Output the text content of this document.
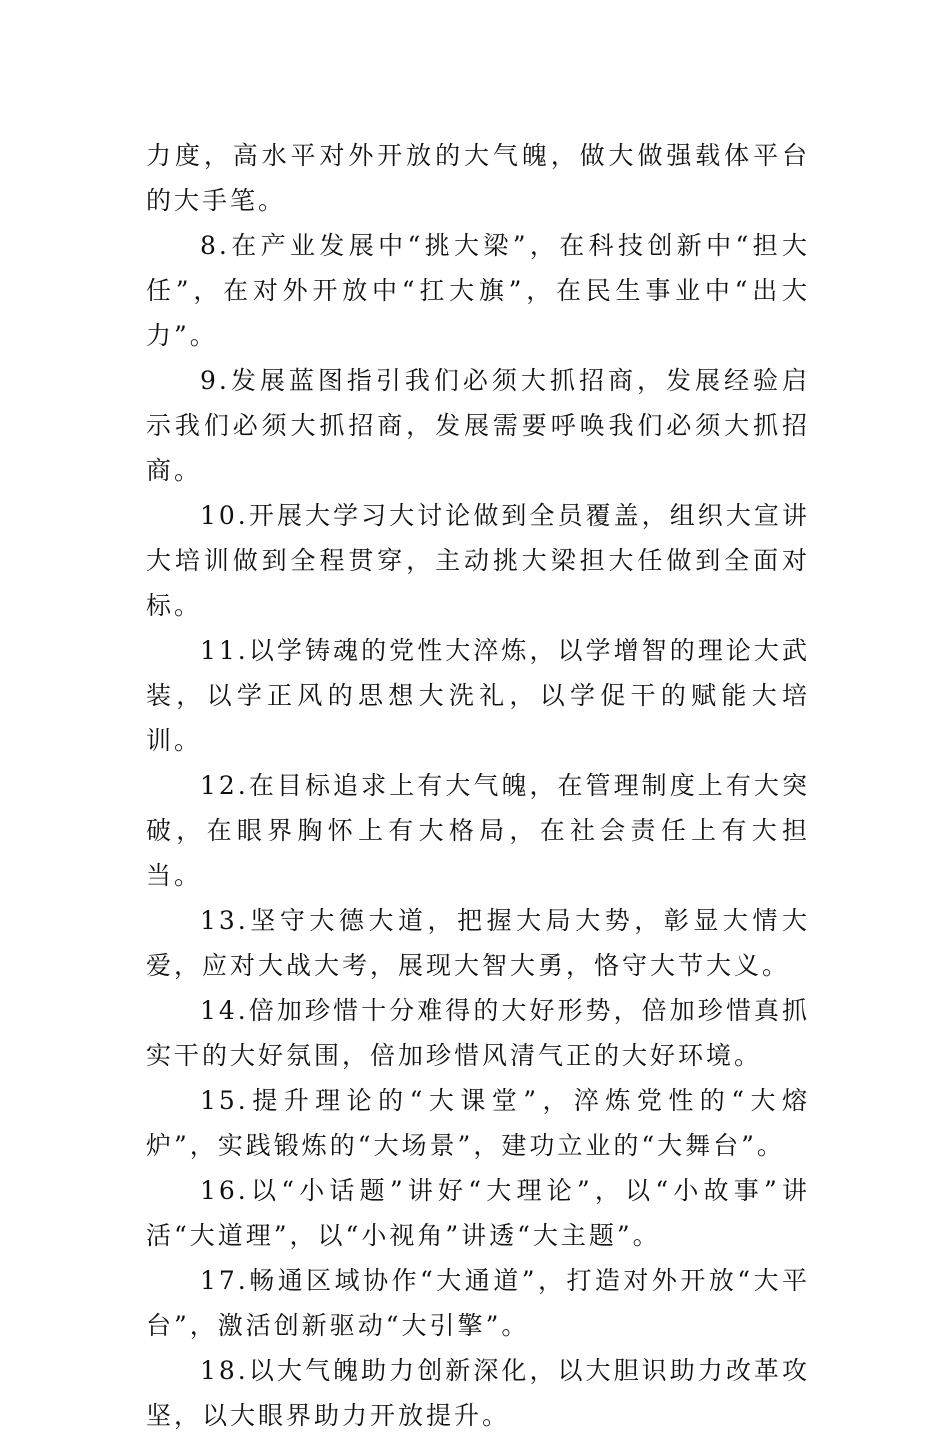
力度，高水平对外开放的大气魄，做大做强载体平台的大手笔。

8.在产业发展中“挑大梁”，在科技创新中“担大任”，在对外开放中“扛大旗”，在民生事业中“出大力”。

9.发展蓝图指引我们必须大抓招商，发展经验启示我们必须大抓招商，发展需要呼唤我们必须大抓招商。

10.开展大学习大讨论做到全员覆盖，组织大宣讲大培训做到全程贯穿，主动挑大梁担大任做到全面对标。

11.以学铸魂的党性大淬炼，以学增智的理论大武装，以学正风的思想大洗礼，以学促干的赋能大培训。

12.在目标追求上有大气魄，在管理制度上有大突破，在眼界胸怀上有大格局，在社会责任上有大担当。

13.坚守大德大道，把握大局大势，彰显大情大爱，应对大战大考，展现大智大勇，恪守大节大义。

14.倍加珍惜十分难得的大好形势，倍加珍惜真抓实干的大好氛围，倍加珍惜风清气正的大好环境。

15.提升理论的“大课堂”，淬炼党性的“大熔炉”，实践锻炼的“大场景”，建功立业的“大舞台”。

16.以“小话题”讲好“大理论”，以“小故事”讲活“大道理”，以“小视角”讲透“大主题”。

17.畅通区域协作“大通道”，打造对外开放“大平台”，激活创新驱动“大引擎”。

18.以大气魄助力创新深化，以大胆识助力改革攻坚，以大眼界助力开放提升。
